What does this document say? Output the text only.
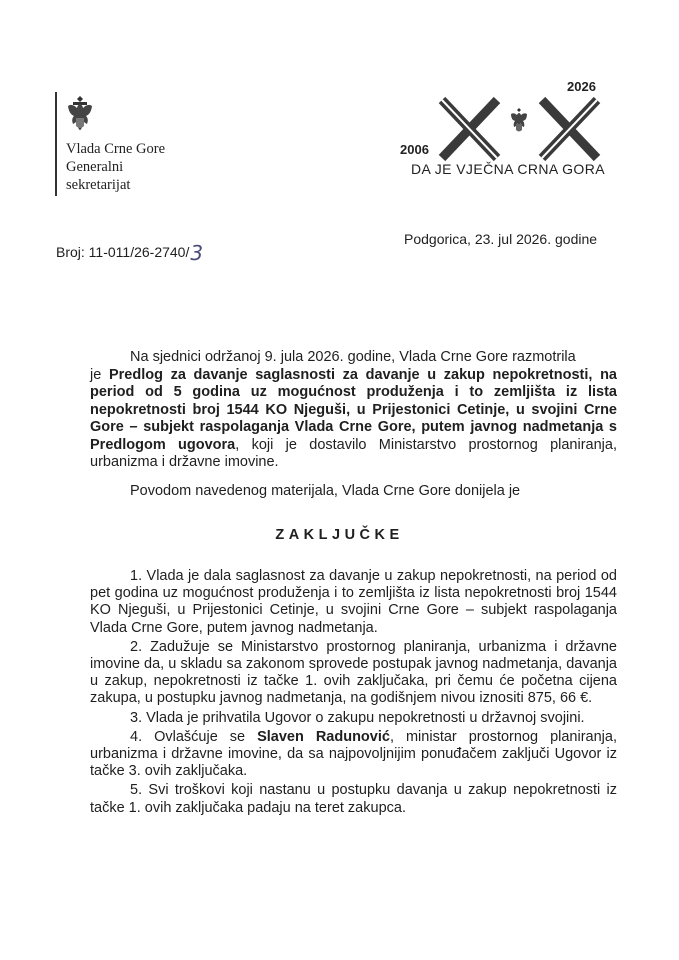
Vlada Crne Gore
Generalni
sekretarijat
2006
2026
DA JE VJEČNA CRNA GORA
Broj: 11-011/26-2740/3
Podgorica, 23. jul 2026. godine
Na sjednici održanoj 9. jula 2026. godine, Vlada Crne Gore razmotrila
je Predlog za davanje saglasnosti za davanje u zakup nepokretnosti, na period od 5 godina uz mogućnost produženja i to zemljišta iz lista nepokretnosti broj 1544 KO Njeguši, u Prijestonici Cetinje, u svojini Crne Gore – subjekt raspolaganja Vlada Crne Gore, putem javnog nadmetanja s Predlogom ugovora, koji je dostavilo Ministarstvo prostornog planiranja, urbanizma i državne imovine.
Povodom navedenog materijala, Vlada Crne Gore donijela je
ZAKLJUČKE

1. Vlada je dala saglasnost za davanje u zakup nepokretnosti, na period od pet godina uz mogućnost produženja i to zemljišta iz lista nepokretnosti broj 1544 KO Njeguši, u Prijestonici Cetinje, u svojini Crne Gore – subjekt raspolaganja Vlada Crne Gore, putem javnog nadmetanja.

2. Zadužuje se Ministarstvo prostornog planiranja, urbanizma i državne imovine da, u skladu sa zakonom sprovede postupak javnog nadmetanja, davanja u zakup, nepokretnosti iz tačke 1. ovih zaključaka, pri čemu će početna cijena zakupa, u postupku javnog nadmetanja, na godišnjem nivou iznositi 875, 66 €.

3. Vlada je prihvatila Ugovor o zakupu nepokretnosti u državnoj svojini.

4. Ovlašćuje se Slaven Radunović, ministar prostornog planiranja, urbanizma i državne imovine, da sa najpovoljnijim ponuđačem zaključi Ugovor iz tačke 3. ovih zaključaka.

5. Svi troškovi koji nastanu u postupku davanja u zakup nepokretnosti iz tačke 1. ovih zaključaka padaju na teret zakupca.
